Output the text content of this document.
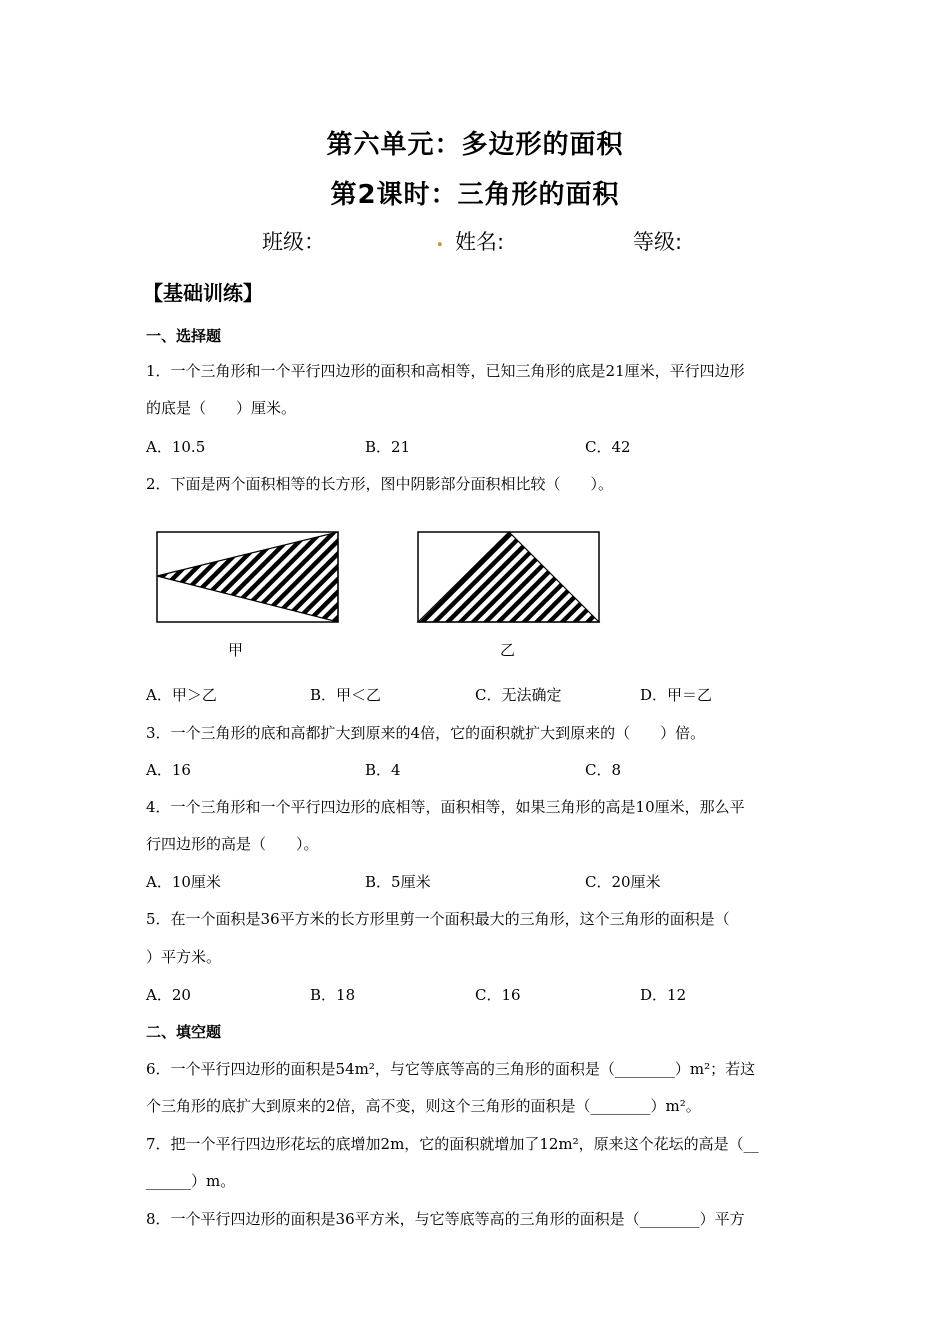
第六单元：多边形的面积
第2课时：三角形的面积
班级：	. 姓名:	等级:
【基础训练】
一、选择题
1．一个三角形和一个平行四边形的面积和高相等，已知三角形的底是21厘米，平行四边形
的底是（　　）厘米。
A．10.5	B．21	C．42
2．下面是两个面积相等的长方形，图中阴影部分面积相比较（　　）。
甲	乙
A．甲＞乙	B．甲＜乙	C．无法确定	D．甲＝乙
3．一个三角形的底和高都扩大到原来的4倍，它的面积就扩大到原来的（　　）倍。
A．16	B．4	C．8
4．一个三角形和一个平行四边形的底相等，面积相等，如果三角形的高是10厘米，那么平
行四边形的高是（　　）。
A．10厘米	B．5厘米	C．20厘米
5．在一个面积是36平方米的长方形里剪一个面积最大的三角形，这个三角形的面积是（
）平方米。
A．20	B．18	C．16	D．12
二、填空题
6．一个平行四边形的面积是54m²，与它等底等高的三角形的面积是（________）m²；若这
个三角形的底扩大到原来的2倍，高不变，则这个三角形的面积是（________）m²。
7．把一个平行四边形花坛的底增加2m，它的面积就增加了12m²，原来这个花坛的高是（__
______）m。
8．一个平行四边形的面积是36平方米，与它等底等高的三角形的面积是（________）平方
